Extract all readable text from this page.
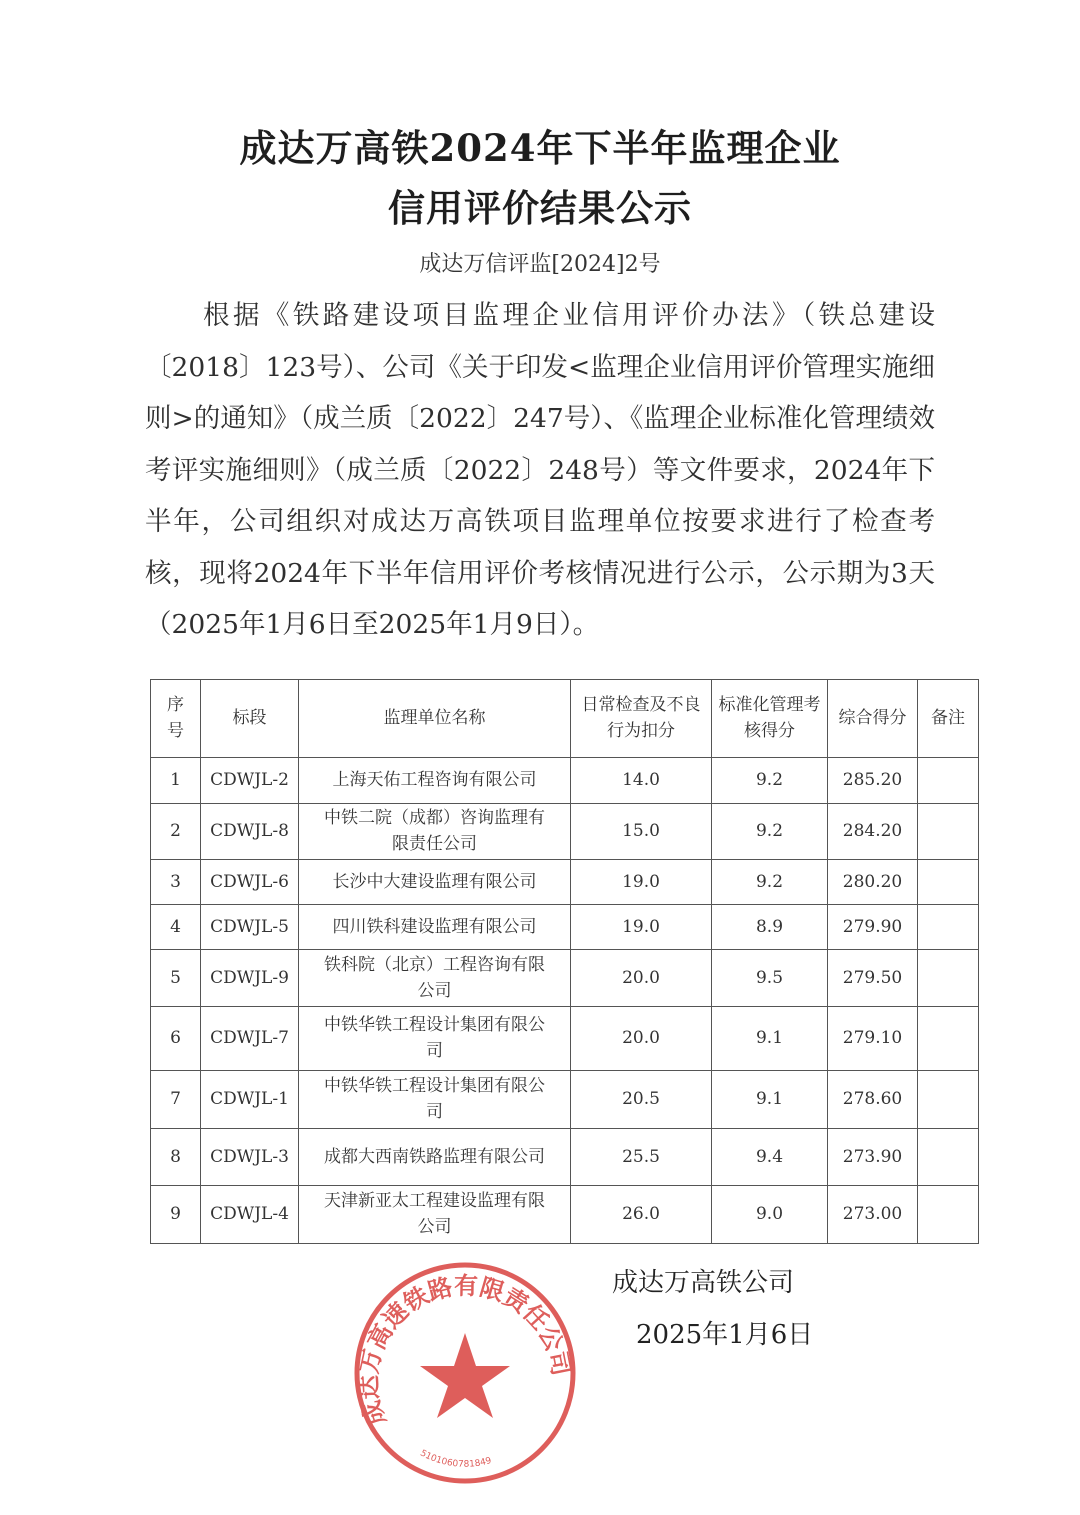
成达万高铁2024年下半年监理企业
信用评价结果公示
成达万信评监[2024]2号

根据《铁路建设项目监理企业信用评价办法》（铁总建设〔2018〕123号）、公司《关于印发<监理企业信用评价管理实施细则>的通知》（成兰质〔2022〕247号）、《监理企业标准化管理绩效考评实施细则》（成兰质〔2022〕248号）等文件要求，2024年下半年，公司组织对成达万高铁项目监理单位按要求进行了检查考核，现将2024年下半年信用评价考核情况进行公示，公示期为3天（2025年1月6日至2025年1月9日）。

序号	标段	监理单位名称	日常检查及不良行为扣分	标准化管理考核得分	综合得分	备注
1	CDWJL-2	上海天佑工程咨询有限公司	14.0	9.2	285.20	
2	CDWJL-8	中铁二院（成都）咨询监理有限责任公司	15.0	9.2	284.20	
3	CDWJL-6	长沙中大建设监理有限公司	19.0	9.2	280.20	
4	CDWJL-5	四川铁科建设监理有限公司	19.0	8.9	279.90	
5	CDWJL-9	铁科院（北京）工程咨询有限公司	20.0	9.5	279.50	
6	CDWJL-7	中铁华铁工程设计集团有限公司	20.0	9.1	279.10	
7	CDWJL-1	中铁华铁工程设计集团有限公司	20.5	9.1	278.60	
8	CDWJL-3	成都大西南铁路监理有限公司	25.5	9.4	273.90	
9	CDWJL-4	天津新亚太工程建设监理有限公司	26.0	9.0	273.00	
成达万高速铁路有限责任公司
5101060781849
成达万高铁公司
2025年1月6日
